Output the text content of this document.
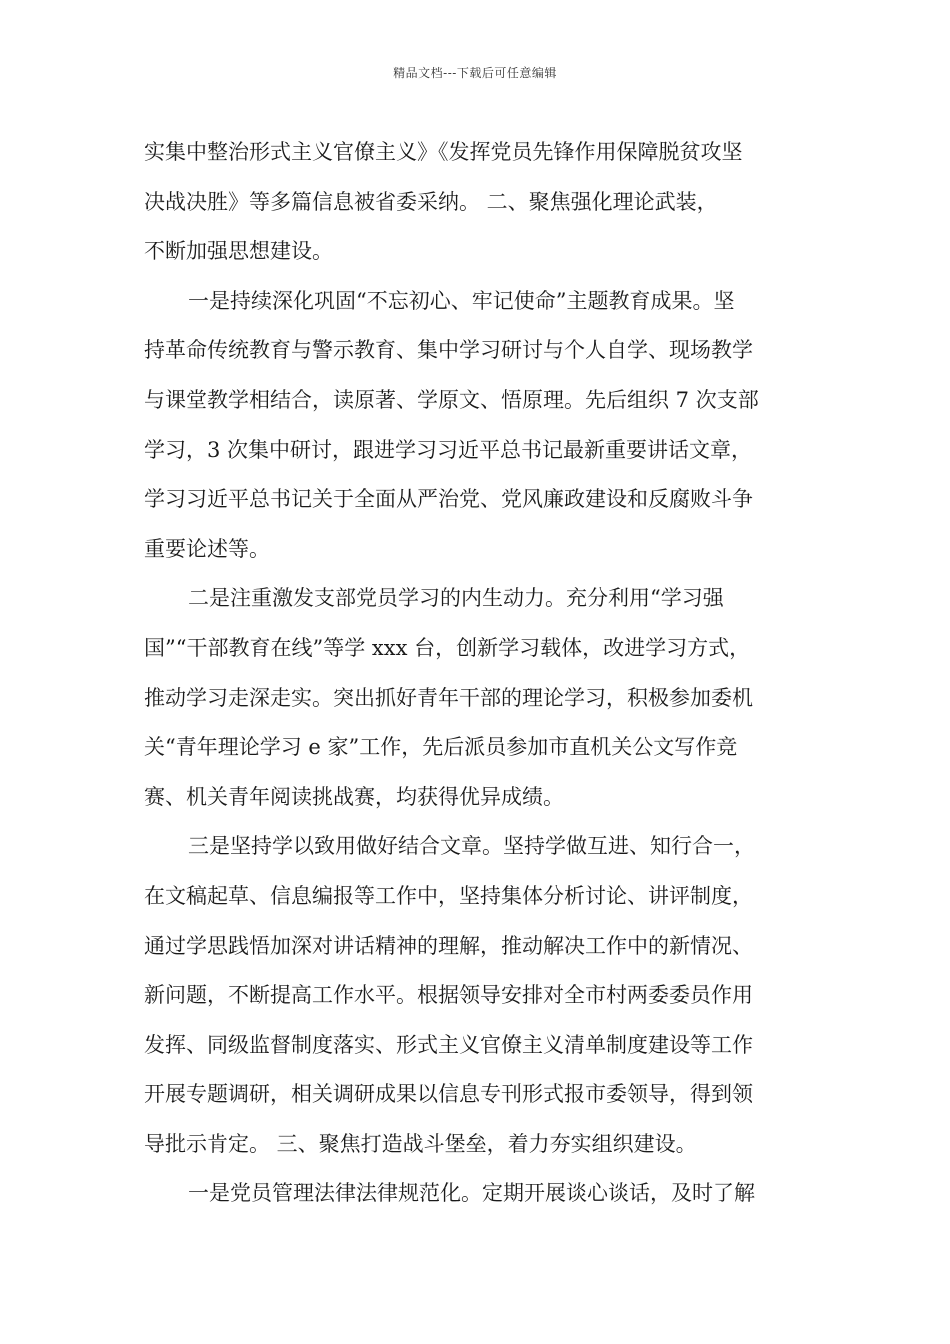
精品文档---下载后可任意编辑
实集中整治形式主义官僚主义》《发挥党员先锋作用保障脱贫攻坚
决战决胜》等多篇信息被省委采纳。 二、聚焦强化理论武装，
不断加强思想建设。
一是持续深化巩固“不忘初心、牢记使命”主题教育成果。坚
持革命传统教育与警示教育、集中学习研讨与个人自学、现场教学
与课堂教学相结合，读原著、学原文、悟原理。先后组织 7 次支部
学习，3 次集中研讨，跟进学习习近平总书记最新重要讲话文章，
学习习近平总书记关于全面从严治党、党风廉政建设和反腐败斗争
重要论述等。
二是注重激发支部党员学习的内生动力。充分利用“学习强
国”“干部教育在线”等学 xxx 台，创新学习载体，改进学习方式，
推动学习走深走实。突出抓好青年干部的理论学习，积极参加委机
关“青年理论学习 e 家”工作，先后派员参加市直机关公文写作竞
赛、机关青年阅读挑战赛，均获得优异成绩。
三是坚持学以致用做好结合文章。坚持学做互进、知行合一，
在文稿起草、信息编报等工作中，坚持集体分析讨论、讲评制度，
通过学思践悟加深对讲话精神的理解，推动解决工作中的新情况、
新问题，不断提高工作水平。根据领导安排对全市村两委委员作用
发挥、同级监督制度落实、形式主义官僚主义清单制度建设等工作
开展专题调研，相关调研成果以信息专刊形式报市委领导，得到领
导批示肯定。 三、聚焦打造战斗堡垒，着力夯实组织建设。
一是党员管理法律法律规范化。定期开展谈心谈话，及时了解
